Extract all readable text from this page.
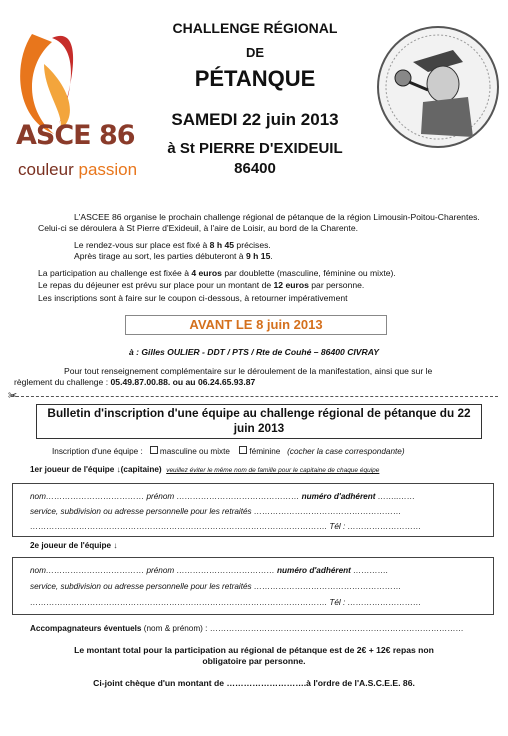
ASCE 86
couleur passion
CHALLENGE RÉGIONAL
DE
PÉTANQUE
SAMEDI 22 juin 2013
à St PIERRE D'EXIDEUIL
86400
L'ASCEE 86 organise le prochain challenge régional de pétanque de la région Limousin-Poitou-Charentes. Celui-ci se déroulera à St Pierre d'Exideuil, à l'aire de Loisir, au bord de la Charente.
Le rendez-vous sur place est fixé à 8 h 45 précises.
Après tirage au sort, les parties débuteront à 9 h 15.
La participation au challenge est fixée à 4 euros par doublette (masculine, féminine ou mixte).
Le repas du déjeuner est prévu sur place pour un montant de 12 euros par personne.
Les inscriptions sont à faire sur le coupon ci-dessous, à retourner impérativement
AVANT LE 8 juin 2013
à : Gilles OULIER - DDT / PTS / Rte de Couhé – 86400 CIVRAY
Pour tout renseignement complémentaire sur le déroulement de la manifestation, ainsi que sur le
règlement du challenge : 05.49.87.00.88. ou au 06.24.65.93.87
✂
Bulletin d'inscription d'une équipe au challenge régional de pétanque du 22 juin 2013
Inscription d'une équipe : masculine ou mixte féminine (cocher la case correspondante)
1er joueur de l'équipe ↓(capitaine) veuillez éviter le même nom de famille pour le capitaine de chaque équipe
nom……………………………… prénom ……………………………………… numéro d'adhérent ……..……
service, subdivision ou adresse personnelle pour les retraités ………………………………………………
………………………………………………………………………………………………. Tél : ………………………
2e joueur de l'équipe ↓
nom……………………………… prénom ……………………………… numéro d'adhérent ………….
service, subdivision ou adresse personnelle pour les retraités ………………………………………………
………………………………………………………………………………………………. Tél : ………………………
Accompagnateurs éventuels (nom & prénom) : …………………………………………………………………………………
Le montant total pour la participation au régional de pétanque est de 2€ + 12€ repas non
obligatoire par personne.
Ci-joint chèque d'un montant de ……………………….à l'ordre de l'A.S.C.E.E. 86.
